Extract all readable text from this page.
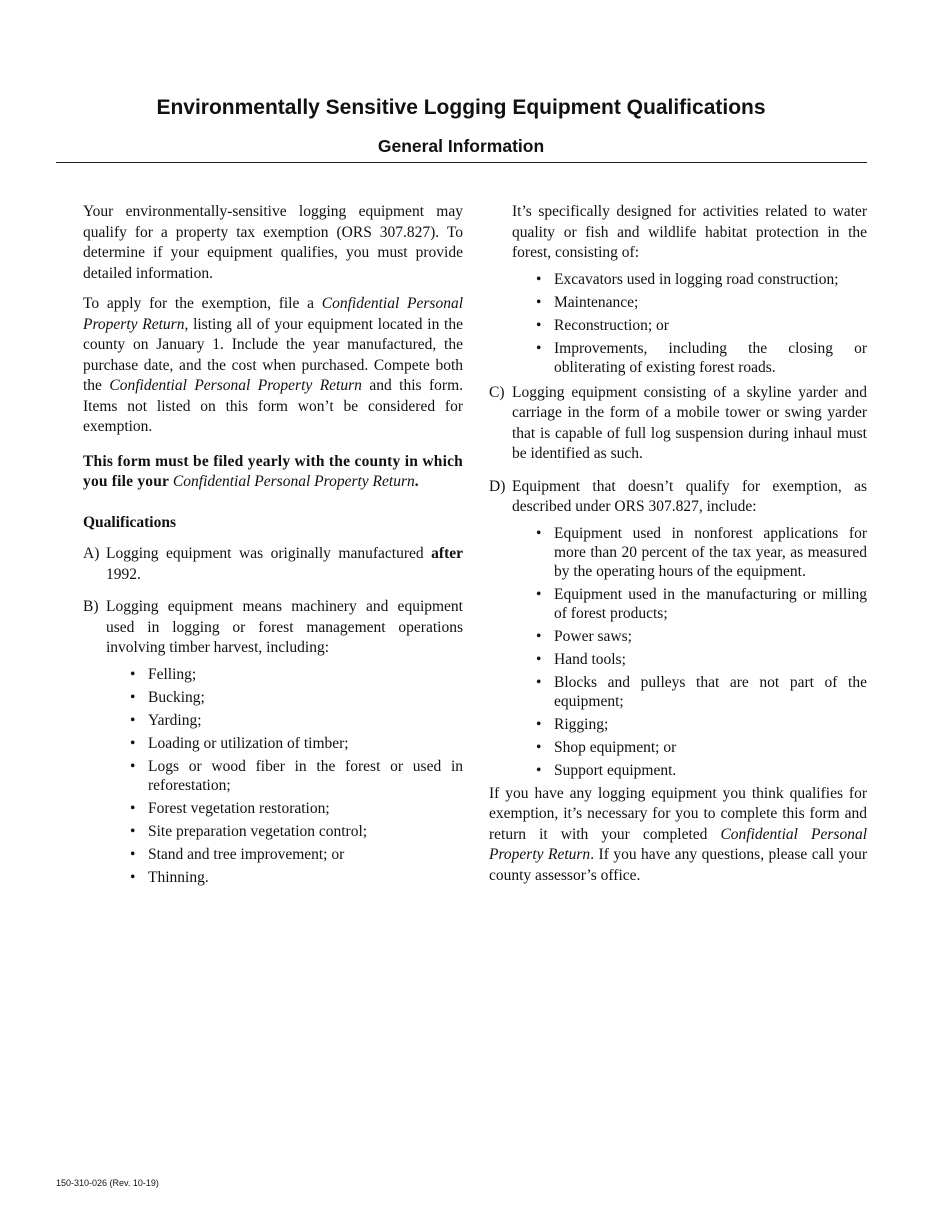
Environmentally Sensitive Logging Equipment Qualifications
General Information

Your environmentally-sensitive logging equipment may qualify for a property tax exemption (ORS 307.827). To determine if your equipment qualifies, you must provide detailed information.

To apply for the exemption, file a Confidential Personal Property Return, listing all of your equipment located in the county on January 1. Include the year manufactured, the purchase date, and the cost when purchased. Compete both the Confidential Personal Property Return and this form. Items not listed on this form won’t be considered for exemption.

This form must be filed yearly with the county in which you file your Confidential Personal Property Return.

Qualifications
A) Logging equipment was originally manufactured after 1992.
B) Logging equipment means machinery and equipment used in logging or forest management operations involving timber harvest, including:
• Felling;
• Bucking;
• Yarding;
• Loading or utilization of timber;
• Logs or wood fiber in the forest or used in reforestation;
• Forest vegetation restoration;
• Site preparation vegetation control;
• Stand and tree improvement; or
• Thinning.

It’s specifically designed for activities related to water quality or fish and wildlife habitat protection in the forest, consisting of:

• Excavators used in logging road construction;
• Maintenance;
• Reconstruction; or
• Improvements, including the closing or obliterating of existing forest roads.
C) Logging equipment consisting of a skyline yarder and carriage in the form of a mobile tower or swing yarder that is capable of full log suspension during inhaul must be identified as such.
D) Equipment that doesn’t qualify for exemption, as described under ORS 307.827, include:
• Equipment used in nonforest applications for more than 20 percent of the tax year, as measured by the operating hours of the equipment.
• Equipment used in the manufacturing or milling of forest products;
• Power saws;
• Hand tools;
• Blocks and pulleys that are not part of the equipment;
• Rigging;
• Shop equipment; or
• Support equipment.

If you have any logging equipment you think qualifies for exemption, it’s necessary for you to complete this form and return it with your completed Confidential Personal Property Return. If you have any questions, please call your county assessor’s office.

150-310-026 (Rev. 10-19)
